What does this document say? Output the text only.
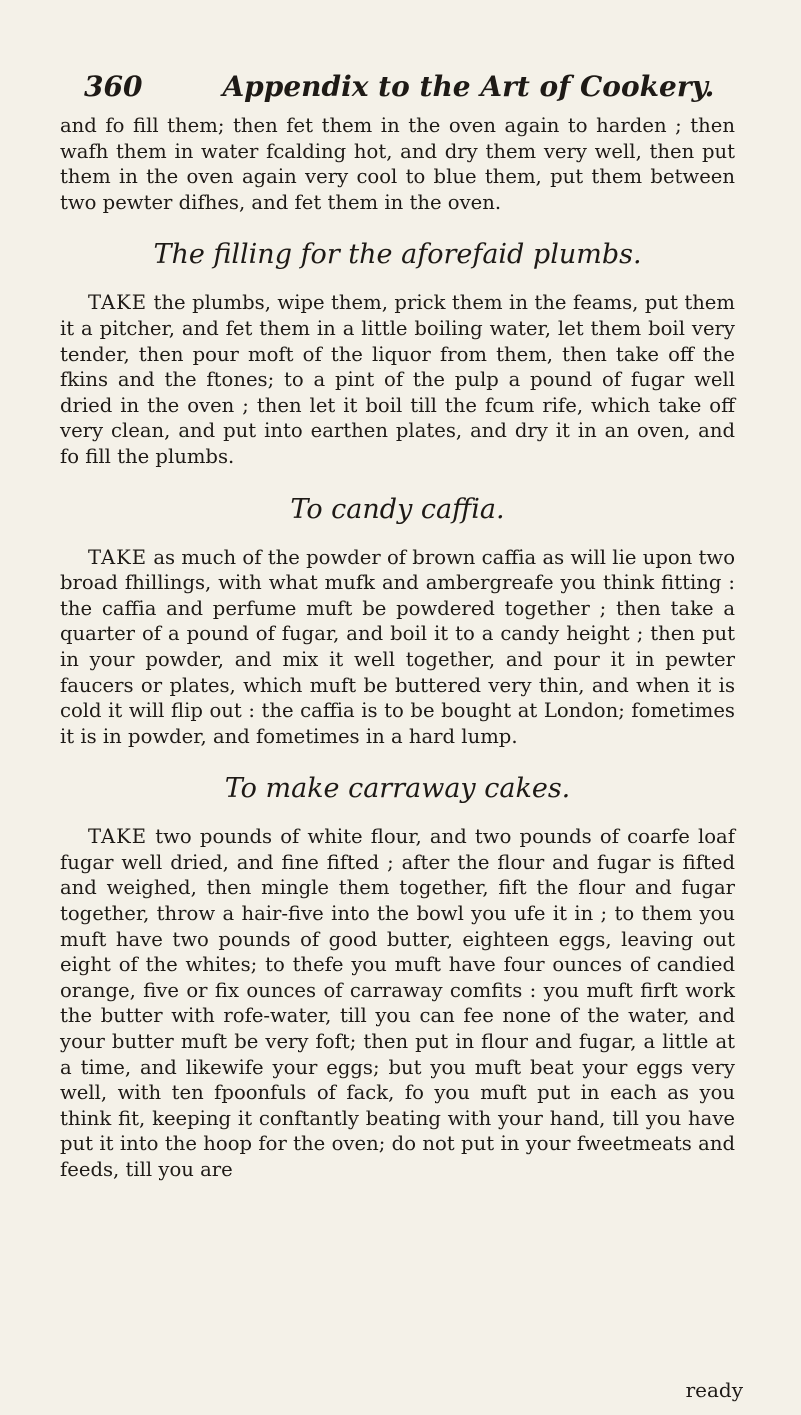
360	Appendix to the Art of Cookery.

and fo fill them; then fet them in the oven again to harden ; then wafh them in water fcalding hot, and dry them very well, then put them in the oven again very cool to blue them, put them between two pewter difhes, and fet them in the oven.

The filling for the aforefaid plumbs.

TAKE the plumbs, wipe them, prick them in the feams, put them it a pitcher, and fet them in a little boiling water, let them boil very tender, then pour moft of the liquor from them, then take off the fkins and the ftones; to a pint of the pulp a pound of fugar well dried in the oven ; then let it boil till the fcum rife, which take off very clean, and put into earthen plates, and dry it in an oven, and fo fill the plumbs.

To candy caffia.

TAKE as much of the powder of brown caffia as will lie upon two broad fhillings, with what mufk and ambergreafe you think fitting : the caffia and perfume muft be powdered together ; then take a quarter of a pound of fugar, and boil it to a candy height ; then put in your powder, and mix it well together, and pour it in pewter faucers or plates, which muft be buttered very thin, and when it is cold it will flip out : the caffia is to be bought at London; fometimes it is in powder, and fometimes in a hard lump.

To make carraway cakes.

TAKE two pounds of white flour, and two pounds of coarfe loaf fugar well dried, and fine fifted ; after the flour and fugar is fifted and weighed, then mingle them together, fift the flour and fugar together, throw a hair-five into the bowl you ufe it in ; to them you muft have two pounds of good butter, eighteen eggs, leaving out eight of the whites; to thefe you muft have four ounces of candied orange, five or fix ounces of carraway comfits : you muft firft work the butter with rofe-water, till you can fee none of the water, and your butter muft be very foft; then put in flour and fugar, a little at a time, and likewife your eggs; but you muft beat your eggs very well, with ten fpoonfuls of fack, fo you muft put in each as you think fit, keeping it conftantly beating with your hand, till you have put it into the hoop for the oven; do not put in your fweetmeats and feeds, till you are

ready
